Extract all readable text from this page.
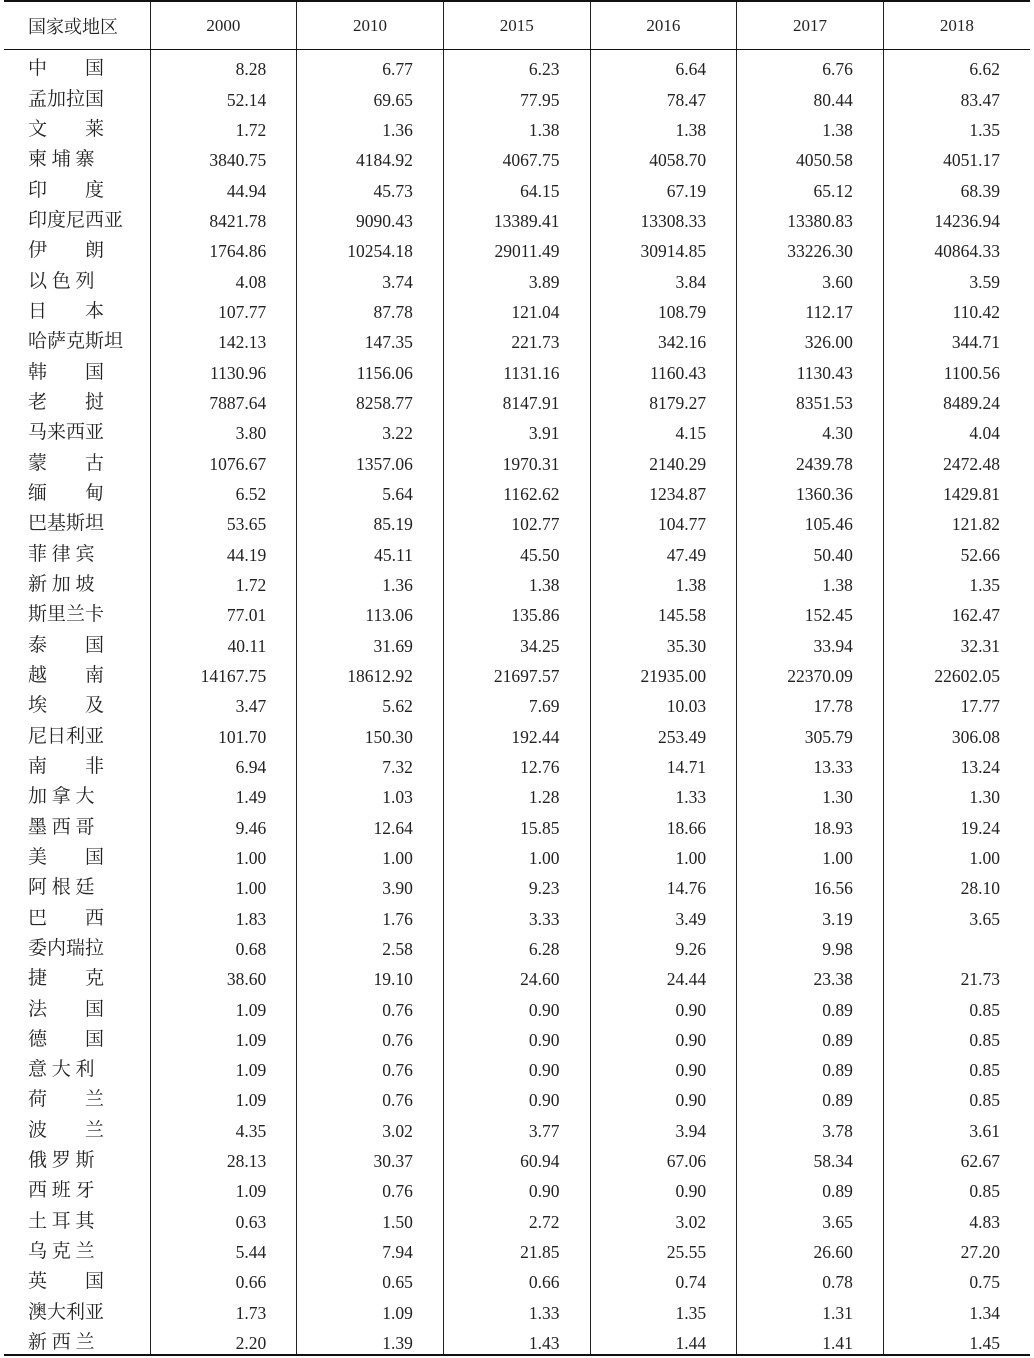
国家或地区	2000	2010	2015	2016	2017	2018
中　　国	8.28	6.77	6.23	6.64	6.76	6.62
孟加拉国	52.14	69.65	77.95	78.47	80.44	83.47
文　　莱	1.72	1.36	1.38	1.38	1.38	1.35
柬 埔 寨	3840.75	4184.92	4067.75	4058.70	4050.58	4051.17
印　　度	44.94	45.73	64.15	67.19	65.12	68.39
印度尼西亚	8421.78	9090.43	13389.41	13308.33	13380.83	14236.94
伊　　朗	1764.86	10254.18	29011.49	30914.85	33226.30	40864.33
以 色 列	4.08	3.74	3.89	3.84	3.60	3.59
日　　本	107.77	87.78	121.04	108.79	112.17	110.42
哈萨克斯坦	142.13	147.35	221.73	342.16	326.00	344.71
韩　　国	1130.96	1156.06	1131.16	1160.43	1130.43	1100.56
老　　挝	7887.64	8258.77	8147.91	8179.27	8351.53	8489.24
马来西亚	3.80	3.22	3.91	4.15	4.30	4.04
蒙　　古	1076.67	1357.06	1970.31	2140.29	2439.78	2472.48
缅　　甸	6.52	5.64	1162.62	1234.87	1360.36	1429.81
巴基斯坦	53.65	85.19	102.77	104.77	105.46	121.82
菲 律 宾	44.19	45.11	45.50	47.49	50.40	52.66
新 加 坡	1.72	1.36	1.38	1.38	1.38	1.35
斯里兰卡	77.01	113.06	135.86	145.58	152.45	162.47
泰　　国	40.11	31.69	34.25	35.30	33.94	32.31
越　　南	14167.75	18612.92	21697.57	21935.00	22370.09	22602.05
埃　　及	3.47	5.62	7.69	10.03	17.78	17.77
尼日利亚	101.70	150.30	192.44	253.49	305.79	306.08
南　　非	6.94	7.32	12.76	14.71	13.33	13.24
加 拿 大	1.49	1.03	1.28	1.33	1.30	1.30
墨 西 哥	9.46	12.64	15.85	18.66	18.93	19.24
美　　国	1.00	1.00	1.00	1.00	1.00	1.00
阿 根 廷	1.00	3.90	9.23	14.76	16.56	28.10
巴　　西	1.83	1.76	3.33	3.49	3.19	3.65
委内瑞拉	0.68	2.58	6.28	9.26	9.98	
捷　　克	38.60	19.10	24.60	24.44	23.38	21.73
法　　国	1.09	0.76	0.90	0.90	0.89	0.85
德　　国	1.09	0.76	0.90	0.90	0.89	0.85
意 大 利	1.09	0.76	0.90	0.90	0.89	0.85
荷　　兰	1.09	0.76	0.90	0.90	0.89	0.85
波　　兰	4.35	3.02	3.77	3.94	3.78	3.61
俄 罗 斯	28.13	30.37	60.94	67.06	58.34	62.67
西 班 牙	1.09	0.76	0.90	0.90	0.89	0.85
土 耳 其	0.63	1.50	2.72	3.02	3.65	4.83
乌 克 兰	5.44	7.94	21.85	25.55	26.60	27.20
英　　国	0.66	0.65	0.66	0.74	0.78	0.75
澳大利亚	1.73	1.09	1.33	1.35	1.31	1.34
新 西 兰	2.20	1.39	1.43	1.44	1.41	1.45
